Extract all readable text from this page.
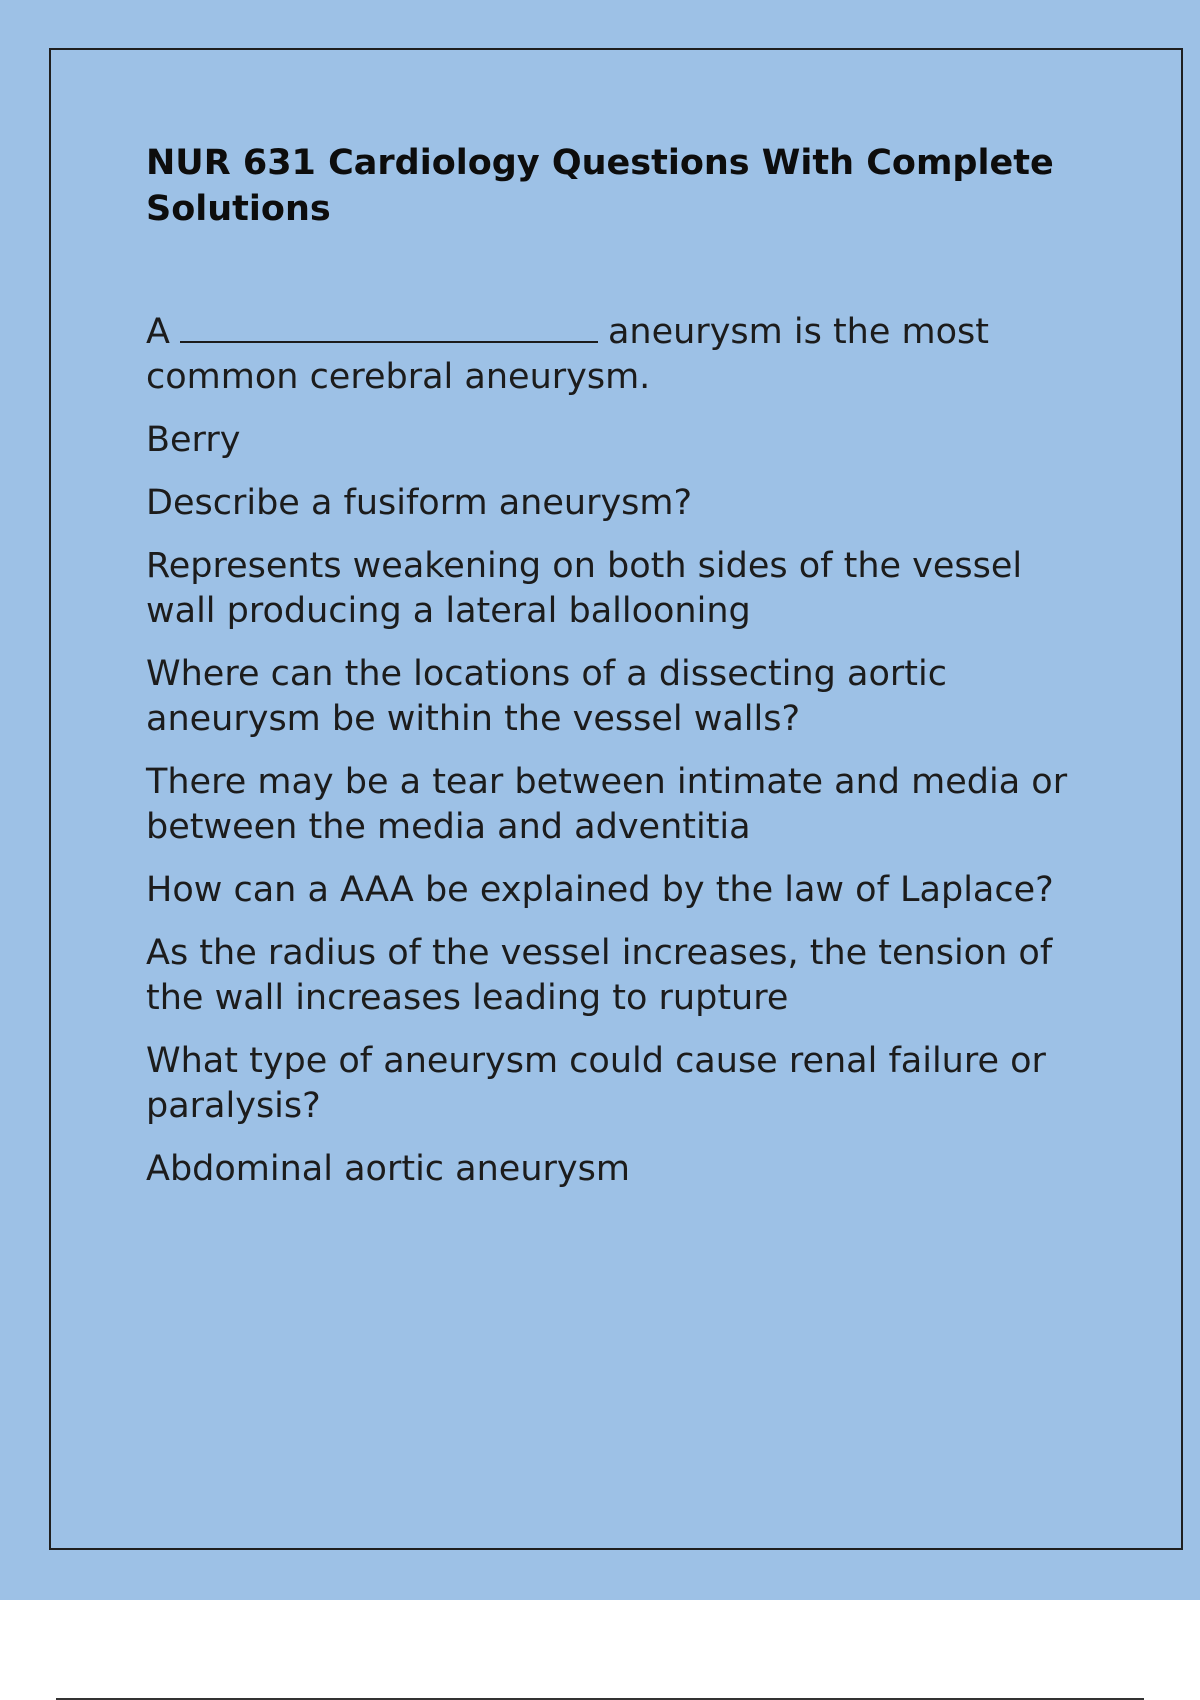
NUR 631 Cardiology Questions With Complete Solutions

A	aneurysm is the most common cerebral aneurysm.

Berry

Describe a fusiform aneurysm?

Represents weakening on both sides of the vessel wall producing a lateral ballooning

Where can the locations of a dissecting aortic aneurysm be within the vessel walls?

There may be a tear between intimate and media or between the media and adventitia

How can a AAA be explained by the law of Laplace?

As the radius of the vessel increases, the tension of the wall increases leading to rupture

What type of aneurysm could cause renal failure or paralysis?

Abdominal aortic aneurysm
